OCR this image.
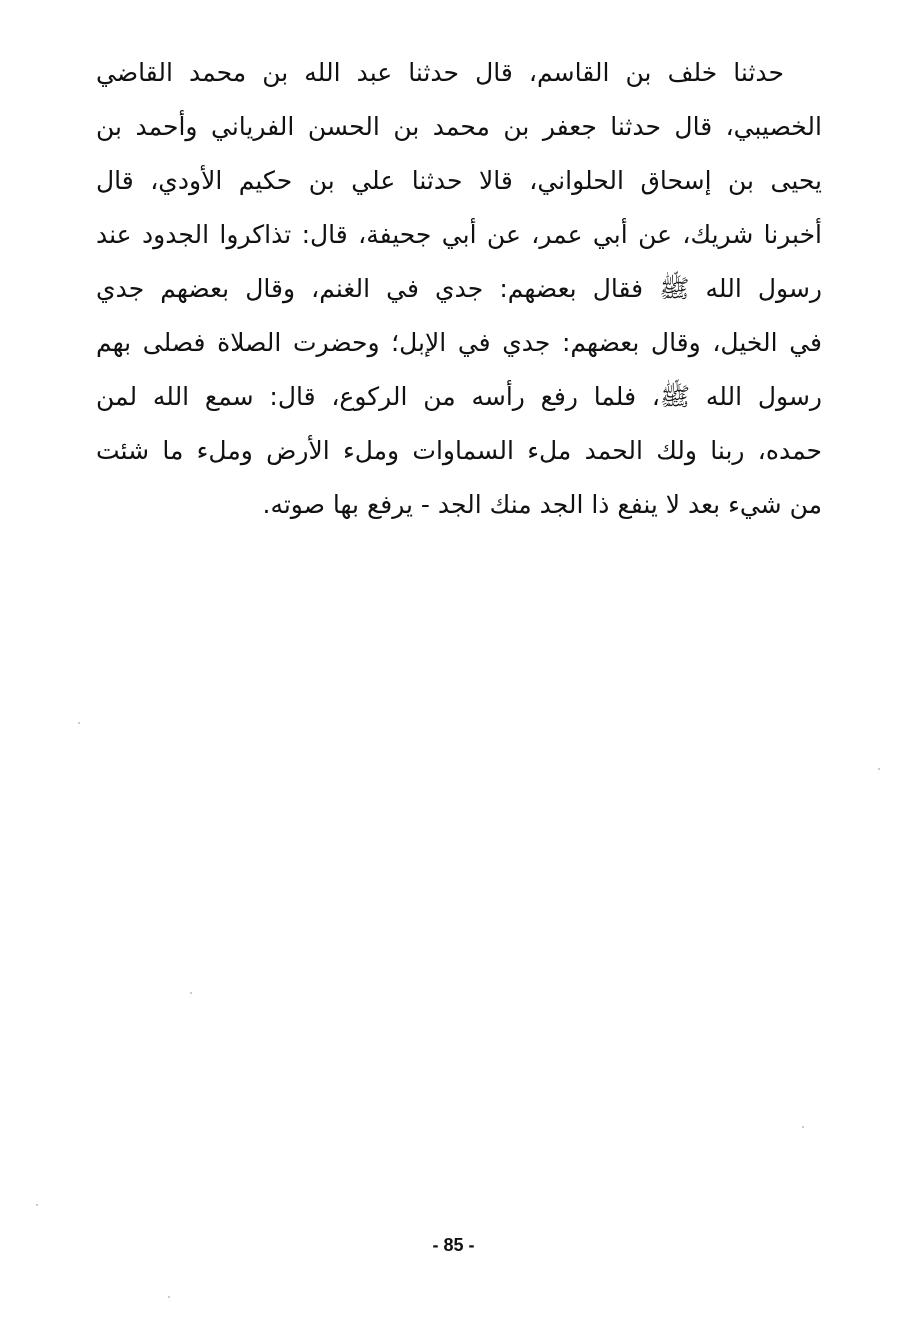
حدثنا خلف بن القاسم، قال حدثنا عبد الله بن محمد القاضي
الخصيبي، قال حدثنا جعفر بن محمد بن الحسن الفرياني وأحمد بن
يحيى بن إسحاق الحلواني، قالا حدثنا علي بن حكيم الأودي، قال
أخبرنا شريك، عن أبي عمر، عن أبي جحيفة، قال: تذاكروا الجدود عند
رسول الله ﷺ فقال بعضهم: جدي في الغنم، وقال بعضهم جدي
في الخيل، وقال بعضهم: جدي في الإبل؛ وحضرت الصلاة فصلى بهم
رسول الله ﷺ، فلما رفع رأسه من الركوع، قال: سمع الله لمن
حمده، ربنا ولك الحمد ملء السماوات وملء الأرض وملء ما شئت
من شيء بعد لا ينفع ذا الجد منك الجد - يرفع بها صوته.
- 85 -
